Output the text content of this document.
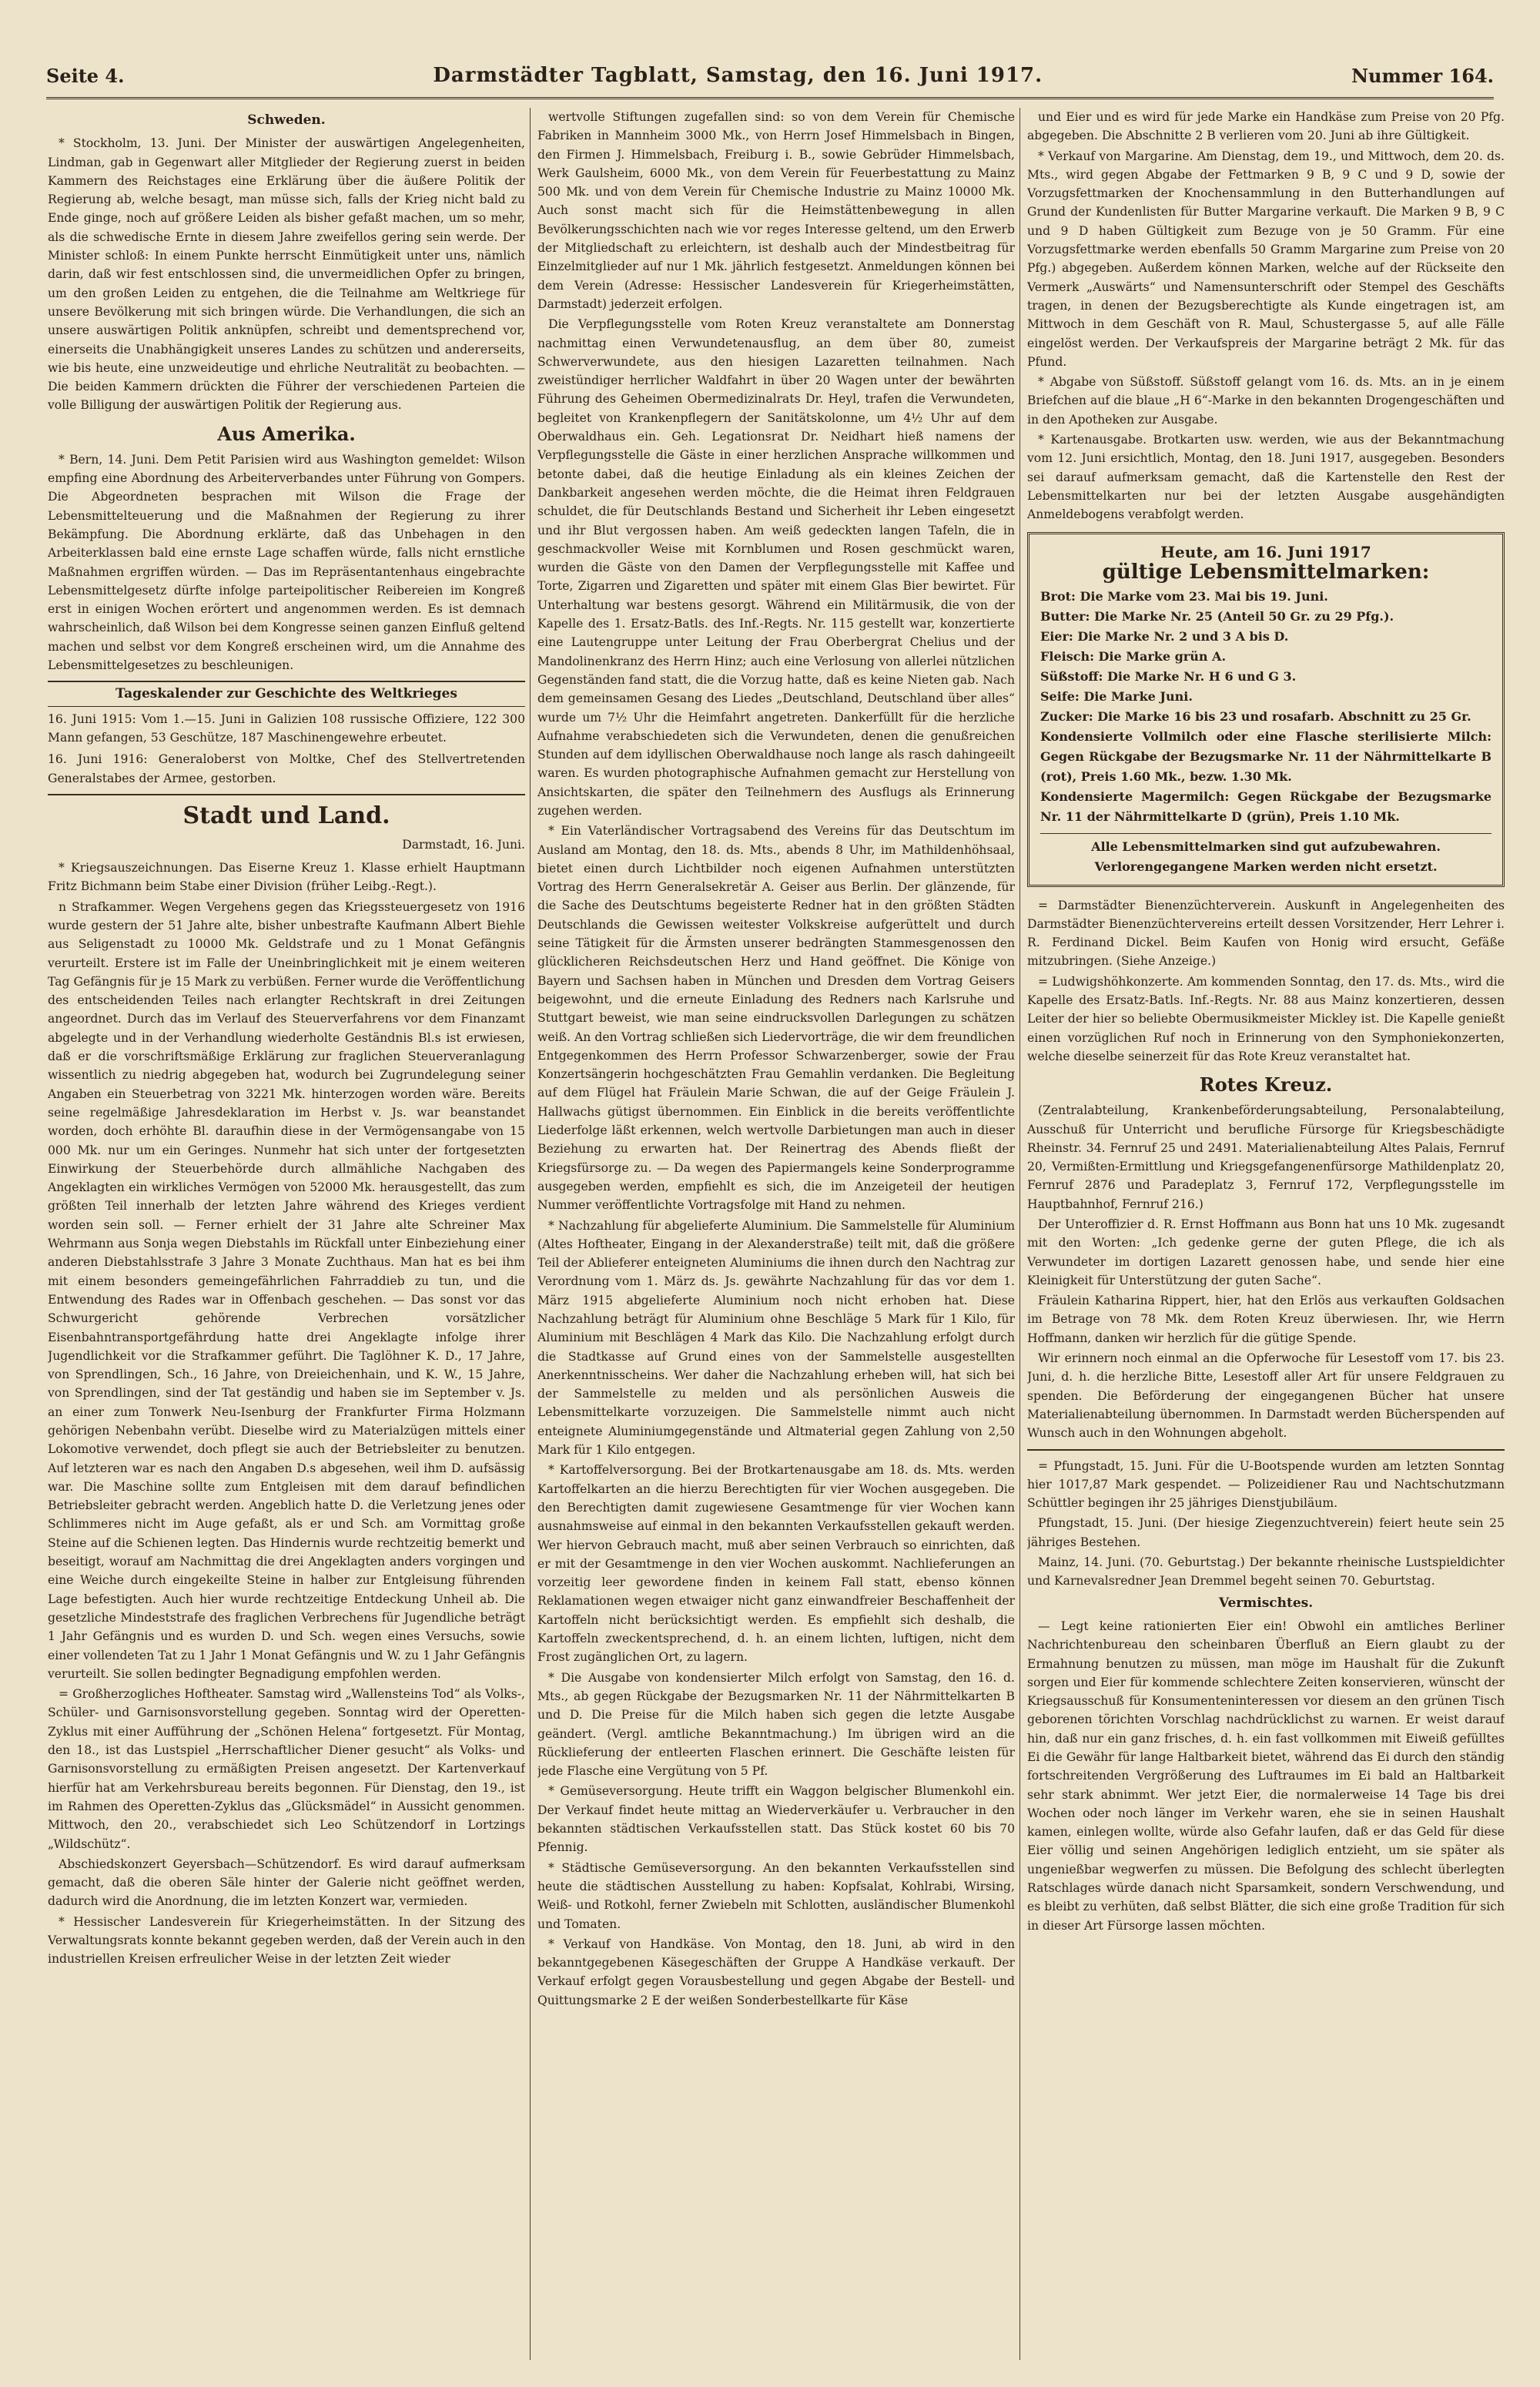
Seite 4.	Darmstädter Tagblatt, Samstag, den 16. Juni 1917.	Nummer 164.
Schweden.

* Stockholm, 13. Juni. Der Minister der auswärtigen Angelegenheiten, Lindman, gab in Gegenwart aller Mitglieder der Regierung zuerst in beiden Kammern des Reichstages eine Erklärung über die äußere Politik der Regierung ab, welche besagt, man müsse sich, falls der Krieg nicht bald zu Ende ginge, noch auf größere Leiden als bisher gefaßt machen, um so mehr, als die schwedische Ernte in diesem Jahre zweifellos gering sein werde. Der Minister schloß: In einem Punkte herrscht Einmütigkeit unter uns, nämlich darin, daß wir fest entschlossen sind, die unvermeidlichen Opfer zu bringen, um den großen Leiden zu entgehen, die die Teilnahme am Weltkriege für unsere Bevölkerung mit sich bringen würde. Die Verhandlungen, die sich an unsere auswärtigen Politik anknüpfen, schreibt und dementsprechend vor, einerseits die Unabhängigkeit unseres Landes zu schützen und andererseits, wie bis heute, eine unzweideutige und ehrliche Neutralität zu beobachten. — Die beiden Kammern drückten die Führer der verschiedenen Parteien die volle Billigung der auswärtigen Politik der Regierung aus.

Aus Amerika.

* Bern, 14. Juni. Dem Petit Parisien wird aus Washington gemeldet: Wilson empfing eine Abordnung des Arbeiterverbandes unter Führung von Gompers. Die Abgeordneten besprachen mit Wilson die Frage der Lebensmittelteuerung und die Maßnahmen der Regierung zu ihrer Bekämpfung. Die Abordnung erklärte, daß das Unbehagen in den Arbeiterklassen bald eine ernste Lage schaffen würde, falls nicht ernstliche Maßnahmen ergriffen würden. — Das im Repräsentantenhaus eingebrachte Lebensmittelgesetz dürfte infolge parteipolitischer Reibereien im Kongreß erst in einigen Wochen erörtert und angenommen werden. Es ist demnach wahrscheinlich, daß Wilson bei dem Kongresse seinen ganzen Einfluß geltend machen und selbst vor dem Kongreß erscheinen wird, um die Annahme des Lebensmittelgesetzes zu beschleunigen.

Tageskalender zur Geschichte des Weltkrieges

16. Juni 1915: Vom 1.—15. Juni in Galizien 108 russische Offiziere, 122 300 Mann gefangen, 53 Geschütze, 187 Maschinengewehre erbeutet.

16. Juni 1916: Generaloberst von Moltke, Chef des Stellvertretenden Generalstabes der Armee, gestorben.

Stadt und Land.
Darmstadt, 16. Juni.

* Kriegsauszeichnungen. Das Eiserne Kreuz 1. Klasse erhielt Hauptmann Fritz Bichmann beim Stabe einer Division (früher Leibg.-Regt.).

n Strafkammer. Wegen Vergehens gegen das Kriegssteuergesetz von 1916 wurde gestern der 51 Jahre alte, bisher unbestrafte Kaufmann Albert Biehle aus Seligenstadt zu 10000 Mk. Geldstrafe und zu 1 Monat Gefängnis verurteilt. Erstere ist im Falle der Uneinbringlichkeit mit je einem weiteren Tag Gefängnis für je 15 Mark zu verbüßen. Ferner wurde die Veröffentlichung des entscheidenden Teiles nach erlangter Rechtskraft in drei Zeitungen angeordnet. Durch das im Verlauf des Steuerverfahrens vor dem Finanzamt abgelegte und in der Verhandlung wiederholte Geständnis Bl.s ist erwiesen, daß er die vorschriftsmäßige Erklärung zur fraglichen Steuerveranlagung wissentlich zu niedrig abgegeben hat, wodurch bei Zugrundelegung seiner Angaben ein Steuerbetrag von 3221 Mk. hinterzogen worden wäre. Bereits seine regelmäßige Jahresdeklaration im Herbst v. Js. war beanstandet worden, doch erhöhte Bl. daraufhin diese in der Vermögensangabe von 15 000 Mk. nur um ein Geringes. Nunmehr hat sich unter der fortgesetzten Einwirkung der Steuerbehörde durch allmähliche Nachgaben des Angeklagten ein wirkliches Vermögen von 52000 Mk. herausgestellt, das zum größten Teil innerhalb der letzten Jahre während des Krieges verdient worden sein soll. — Ferner erhielt der 31 Jahre alte Schreiner Max Wehrmann aus Sonja wegen Diebstahls im Rückfall unter Einbeziehung einer anderen Diebstahlsstrafe 3 Jahre 3 Monate Zuchthaus. Man hat es bei ihm mit einem besonders gemeingefährlichen Fahrraddieb zu tun, und die Entwendung des Rades war in Offenbach geschehen. — Das sonst vor das Schwurgericht gehörende Verbrechen vorsätzlicher Eisenbahntransportgefährdung hatte drei Angeklagte infolge ihrer Jugendlichkeit vor die Strafkammer geführt. Die Taglöhner K. D., 17 Jahre, von Sprendlingen, Sch., 16 Jahre, von Dreieichenhain, und K. W., 15 Jahre, von Sprendlingen, sind der Tat geständig und haben sie im September v. Js. an einer zum Tonwerk Neu-Isenburg der Frankfurter Firma Holzmann gehörigen Nebenbahn verübt. Dieselbe wird zu Materialzügen mittels einer Lokomotive verwendet, doch pflegt sie auch der Betriebsleiter zu benutzen. Auf letzteren war es nach den Angaben D.s abgesehen, weil ihm D. aufsässig war. Die Maschine sollte zum Entgleisen mit dem darauf befindlichen Betriebsleiter gebracht werden. Angeblich hatte D. die Verletzung jenes oder Schlimmeres nicht im Auge gefaßt, als er und Sch. am Vormittag große Steine auf die Schienen legten. Das Hindernis wurde rechtzeitig bemerkt und beseitigt, worauf am Nachmittag die drei Angeklagten anders vorgingen und eine Weiche durch eingekeilte Steine in halber zur Entgleisung führenden Lage befestigten. Auch hier wurde rechtzeitige Entdeckung Unheil ab. Die gesetzliche Mindeststrafe des fraglichen Verbrechens für Jugendliche beträgt 1 Jahr Gefängnis und es wurden D. und Sch. wegen eines Versuchs, sowie einer vollendeten Tat zu 1 Jahr 1 Monat Gefängnis und W. zu 1 Jahr Gefängnis verurteilt. Sie sollen bedingter Begnadigung empfohlen werden.

= Großherzogliches Hoftheater. Samstag wird „Wallensteins Tod“ als Volks-, Schüler- und Garnisonsvorstellung gegeben. Sonntag wird der Operetten-Zyklus mit einer Aufführung der „Schönen Helena“ fortgesetzt. Für Montag, den 18., ist das Lustspiel „Herrschaftlicher Diener gesucht“ als Volks- und Garnisonsvorstellung zu ermäßigten Preisen angesetzt. Der Kartenverkauf hierfür hat am Verkehrsbureau bereits begonnen. Für Dienstag, den 19., ist im Rahmen des Operetten-Zyklus das „Glücksmädel“ in Aussicht genommen. Mittwoch, den 20., verabschiedet sich Leo Schützendorf in Lortzings „Wildschütz“.

Abschiedskonzert Geyersbach—Schützendorf. Es wird darauf aufmerksam gemacht, daß die oberen Säle hinter der Galerie nicht geöffnet werden, dadurch wird die Anordnung, die im letzten Konzert war, vermieden.

* Hessischer Landesverein für Kriegerheimstätten. In der Sitzung des Verwaltungsrats konnte bekannt gegeben werden, daß der Verein auch in den industriellen Kreisen erfreulicher Weise in der letzten Zeit wieder

wertvolle Stiftungen zugefallen sind: so von dem Verein für Chemische Fabriken in Mannheim 3000 Mk., von Herrn Josef Himmelsbach in Bingen, den Firmen J. Himmelsbach, Freiburg i. B., sowie Gebrüder Himmelsbach, Werk Gaulsheim, 6000 Mk., von dem Verein für Feuerbestattung zu Mainz 500 Mk. und von dem Verein für Chemische Industrie zu Mainz 10000 Mk. Auch sonst macht sich für die Heimstättenbewegung in allen Bevölkerungsschichten nach wie vor reges Interesse geltend, um den Erwerb der Mitgliedschaft zu erleichtern, ist deshalb auch der Mindestbeitrag für Einzelmitglieder auf nur 1 Mk. jährlich festgesetzt. Anmeldungen können bei dem Verein (Adresse: Hessischer Landesverein für Kriegerheimstätten, Darmstadt) jederzeit erfolgen.

Die Verpflegungsstelle vom Roten Kreuz veranstaltete am Donnerstag nachmittag einen Verwundetenausflug, an dem über 80, zumeist Schwerverwundete, aus den hiesigen Lazaretten teilnahmen. Nach zweistündiger herrlicher Waldfahrt in über 20 Wagen unter der bewährten Führung des Geheimen Obermedizinalrats Dr. Heyl, trafen die Verwundeten, begleitet von Krankenpflegern der Sanitätskolonne, um 4½ Uhr auf dem Oberwaldhaus ein. Geh. Legationsrat Dr. Neidhart hieß namens der Verpflegungsstelle die Gäste in einer herzlichen Ansprache willkommen und betonte dabei, daß die heutige Einladung als ein kleines Zeichen der Dankbarkeit angesehen werden möchte, die die Heimat ihren Feldgrauen schuldet, die für Deutschlands Bestand und Sicherheit ihr Leben eingesetzt und ihr Blut vergossen haben. Am weiß gedeckten langen Tafeln, die in geschmackvoller Weise mit Kornblumen und Rosen geschmückt waren, wurden die Gäste von den Damen der Verpflegungsstelle mit Kaffee und Torte, Zigarren und Zigaretten und später mit einem Glas Bier bewirtet. Für Unterhaltung war bestens gesorgt. Während ein Militärmusik, die von der Kapelle des 1. Ersatz-Batls. des Inf.-Regts. Nr. 115 gestellt war, konzertierte eine Lautengruppe unter Leitung der Frau Oberbergrat Chelius und der Mandolinenkranz des Herrn Hinz; auch eine Verlosung von allerlei nützlichen Gegenständen fand statt, die die Vorzug hatte, daß es keine Nieten gab. Nach dem gemeinsamen Gesang des Liedes „Deutschland, Deutschland über alles“ wurde um 7½ Uhr die Heimfahrt angetreten. Dankerfüllt für die herzliche Aufnahme verabschiedeten sich die Verwundeten, denen die genußreichen Stunden auf dem idyllischen Oberwaldhause noch lange als rasch dahingeeilt waren. Es wurden photographische Aufnahmen gemacht zur Herstellung von Ansichtskarten, die später den Teilnehmern des Ausflugs als Erinnerung zugehen werden.

* Ein Vaterländischer Vortragsabend des Vereins für das Deutschtum im Ausland am Montag, den 18. ds. Mts., abends 8 Uhr, im Mathildenhöhsaal, bietet einen durch Lichtbilder noch eigenen Aufnahmen unterstützten Vortrag des Herrn Generalsekretär A. Geiser aus Berlin. Der glänzende, für die Sache des Deutschtums begeisterte Redner hat in den größten Städten Deutschlands die Gewissen weitester Volkskreise aufgerüttelt und durch seine Tätigkeit für die Ärmsten unserer bedrängten Stammesgenossen den glücklicheren Reichsdeutschen Herz und Hand geöffnet. Die Könige von Bayern und Sachsen haben in München und Dresden dem Vortrag Geisers beigewohnt, und die erneute Einladung des Redners nach Karlsruhe und Stuttgart beweist, wie man seine eindrucksvollen Darlegungen zu schätzen weiß. An den Vortrag schließen sich Liedervorträge, die wir dem freundlichen Entgegenkommen des Herrn Professor Schwarzenberger, sowie der Frau Konzertsängerin hochgeschätzten Frau Gemahlin verdanken. Die Begleitung auf dem Flügel hat Fräulein Marie Schwan, die auf der Geige Fräulein J. Hallwachs gütigst übernommen. Ein Einblick in die bereits veröffentlichte Liederfolge läßt erkennen, welch wertvolle Darbietungen man auch in dieser Beziehung zu erwarten hat. Der Reinertrag des Abends fließt der Kriegsfürsorge zu. — Da wegen des Papiermangels keine Sonderprogramme ausgegeben werden, empfiehlt es sich, die im Anzeigeteil der heutigen Nummer veröffentlichte Vortragsfolge mit Hand zu nehmen.

* Nachzahlung für abgelieferte Aluminium. Die Sammelstelle für Aluminium (Altes Hoftheater, Eingang in der Alexanderstraße) teilt mit, daß die größere Teil der Ablieferer enteigneten Aluminiums die ihnen durch den Nachtrag zur Verordnung vom 1. März ds. Js. gewährte Nachzahlung für das vor dem 1. März 1915 abgelieferte Aluminium noch nicht erhoben hat. Diese Nachzahlung beträgt für Aluminium ohne Beschläge 5 Mark für 1 Kilo, für Aluminium mit Beschlägen 4 Mark das Kilo. Die Nachzahlung erfolgt durch die Stadtkasse auf Grund eines von der Sammelstelle ausgestellten Anerkenntnisscheins. Wer daher die Nachzahlung erheben will, hat sich bei der Sammelstelle zu melden und als persönlichen Ausweis die Lebensmittelkarte vorzuzeigen. Die Sammelstelle nimmt auch nicht enteignete Aluminiumgegenstände und Altmaterial gegen Zahlung von 2,50 Mark für 1 Kilo entgegen.

* Kartoffelversorgung. Bei der Brotkartenausgabe am 18. ds. Mts. werden Kartoffelkarten an die hierzu Berechtigten für vier Wochen ausgegeben. Die den Berechtigten damit zugewiesene Gesamtmenge für vier Wochen kann ausnahmsweise auf einmal in den bekannten Verkaufsstellen gekauft werden. Wer hiervon Gebrauch macht, muß aber seinen Verbrauch so einrichten, daß er mit der Gesamtmenge in den vier Wochen auskommt. Nachlieferungen an vorzeitig leer gewordene finden in keinem Fall statt, ebenso können Reklamationen wegen etwaiger nicht ganz einwandfreier Beschaffenheit der Kartoffeln nicht berücksichtigt werden. Es empfiehlt sich deshalb, die Kartoffeln zweckentsprechend, d. h. an einem lichten, luftigen, nicht dem Frost zugänglichen Ort, zu lagern.

* Die Ausgabe von kondensierter Milch erfolgt von Samstag, den 16. d. Mts., ab gegen Rückgabe der Bezugsmarken Nr. 11 der Nährmittelkarten B und D. Die Preise für die Milch haben sich gegen die letzte Ausgabe geändert. (Vergl. amtliche Bekanntmachung.) Im übrigen wird an die Rücklieferung der entleerten Flaschen erinnert. Die Geschäfte leisten für jede Flasche eine Vergütung von 5 Pf.

* Gemüseversorgung. Heute trifft ein Waggon belgischer Blumenkohl ein. Der Verkauf findet heute mittag an Wiederverkäufer u. Verbraucher in den bekannten städtischen Verkaufsstellen statt. Das Stück kostet 60 bis 70 Pfennig.

* Städtische Gemüseversorgung. An den bekannten Verkaufsstellen sind heute die städtischen Ausstellung zu haben: Kopfsalat, Kohlrabi, Wirsing, Weiß- und Rotkohl, ferner Zwiebeln mit Schlotten, ausländischer Blumenkohl und Tomaten.

* Verkauf von Handkäse. Von Montag, den 18. Juni, ab wird in den bekanntgegebenen Käsegeschäften der Gruppe A Handkäse verkauft. Der Verkauf erfolgt gegen Vorausbestellung und gegen Abgabe der Bestell- und Quittungsmarke 2 E der weißen Sonderbestellkarte für Käse

und Eier und es wird für jede Marke ein Handkäse zum Preise von 20 Pfg. abgegeben. Die Abschnitte 2 B verlieren vom 20. Juni ab ihre Gültigkeit.

* Verkauf von Margarine. Am Dienstag, dem 19., und Mittwoch, dem 20. ds. Mts., wird gegen Abgabe der Fettmarken 9 B, 9 C und 9 D, sowie der Vorzugsfettmarken der Knochensammlung in den Butterhandlungen auf Grund der Kundenlisten für Butter Margarine verkauft. Die Marken 9 B, 9 C und 9 D haben Gültigkeit zum Bezuge von je 50 Gramm. Für eine Vorzugsfettmarke werden ebenfalls 50 Gramm Margarine zum Preise von 20 Pfg.) abgegeben. Außerdem können Marken, welche auf der Rückseite den Vermerk „Auswärts“ und Namensunterschrift oder Stempel des Geschäfts tragen, in denen der Bezugsberechtigte als Kunde eingetragen ist, am Mittwoch in dem Geschäft von R. Maul, Schustergasse 5, auf alle Fälle eingelöst werden. Der Verkaufspreis der Margarine beträgt 2 Mk. für das Pfund.

* Abgabe von Süßstoff. Süßstoff gelangt vom 16. ds. Mts. an in je einem Briefchen auf die blaue „H 6“-Marke in den bekannten Drogengeschäften und in den Apotheken zur Ausgabe.

* Kartenausgabe. Brotkarten usw. werden, wie aus der Bekanntmachung vom 12. Juni ersichtlich, Montag, den 18. Juni 1917, ausgegeben. Besonders sei darauf aufmerksam gemacht, daß die Kartenstelle den Rest der Lebensmittelkarten nur bei der letzten Ausgabe ausgehändigten Anmeldebogens verabfolgt werden.

Heute, am 16. Juni 1917
gültige Lebensmittelmarken:

Brot: Die Marke vom 23. Mai bis 19. Juni.

Butter: Die Marke Nr. 25 (Anteil 50 Gr. zu 29 Pfg.).

Eier: Die Marke Nr. 2 und 3 A bis D.

Fleisch: Die Marke grün A.

Süßstoff: Die Marke Nr. H 6 und G 3.

Seife: Die Marke Juni.

Zucker: Die Marke 16 bis 23 und rosafarb. Abschnitt zu 25 Gr.

Kondensierte Vollmilch oder eine Flasche sterilisierte Milch: Gegen Rückgabe der Bezugsmarke Nr. 11 der Nährmittelkarte B (rot), Preis 1.60 Mk., bezw. 1.30 Mk.

Kondensierte Magermilch: Gegen Rückgabe der Bezugsmarke Nr. 11 der Nährmittelkarte D (grün), Preis 1.10 Mk.

Alle Lebensmittelmarken sind gut aufzubewahren. Verlorengegangene Marken werden nicht ersetzt.

= Darmstädter Bienenzüchterverein. Auskunft in Angelegenheiten des Darmstädter Bienenzüchtervereins erteilt dessen Vorsitzender, Herr Lehrer i. R. Ferdinand Dickel. Beim Kaufen von Honig wird ersucht, Gefäße mitzubringen. (Siehe Anzeige.)

= Ludwigshöhkonzerte. Am kommenden Sonntag, den 17. ds. Mts., wird die Kapelle des Ersatz-Batls. Inf.-Regts. Nr. 88 aus Mainz konzertieren, dessen Leiter der hier so beliebte Obermusikmeister Mickley ist. Die Kapelle genießt einen vorzüglichen Ruf noch in Erinnerung von den Symphoniekonzerten, welche dieselbe seinerzeit für das Rote Kreuz veranstaltet hat.

Rotes Kreuz.

(Zentralabteilung, Krankenbeförderungsabteilung, Personalabteilung, Ausschuß für Unterricht und berufliche Fürsorge für Kriegsbeschädigte Rheinstr. 34. Fernruf 25 und 2491. Materialienabteilung Altes Palais, Fernruf 20, Vermißten-Ermittlung und Kriegsgefangenenfürsorge Mathildenplatz 20, Fernruf 2876 und Paradeplatz 3, Fernruf 172, Verpflegungsstelle im Hauptbahnhof, Fernruf 216.)

Der Unteroffizier d. R. Ernst Hoffmann aus Bonn hat uns 10 Mk. zugesandt mit den Worten: „Ich gedenke gerne der guten Pflege, die ich als Verwundeter im dortigen Lazarett genossen habe, und sende hier eine Kleinigkeit für Unterstützung der guten Sache“.

Fräulein Katharina Rippert, hier, hat den Erlös aus verkauften Goldsachen im Betrage von 78 Mk. dem Roten Kreuz überwiesen. Ihr, wie Herrn Hoffmann, danken wir herzlich für die gütige Spende.

Wir erinnern noch einmal an die Opferwoche für Lesestoff vom 17. bis 23. Juni, d. h. die herzliche Bitte, Lesestoff aller Art für unsere Feldgrauen zu spenden. Die Beförderung der eingegangenen Bücher hat unsere Materialienabteilung übernommen. In Darmstadt werden Bücherspenden auf Wunsch auch in den Wohnungen abgeholt.

= Pfungstadt, 15. Juni. Für die U-Bootspende wurden am letzten Sonntag hier 1017,87 Mark gespendet. — Polizeidiener Rau und Nachtschutzmann Schüttler begingen ihr 25 jähriges Dienstjubiläum.

Pfungstadt, 15. Juni. (Der hiesige Ziegenzuchtverein) feiert heute sein 25 jähriges Bestehen.

Mainz, 14. Juni. (70. Geburtstag.) Der bekannte rheinische Lustspieldichter und Karnevalsredner Jean Dremmel begeht seinen 70. Geburtstag.

Vermischtes.

— Legt keine rationierten Eier ein! Obwohl ein amtliches Berliner Nachrichtenbureau den scheinbaren Überfluß an Eiern glaubt zu der Ermahnung benutzen zu müssen, man möge im Haushalt für die Zukunft sorgen und Eier für kommende schlechtere Zeiten konservieren, wünscht der Kriegsausschuß für Konsumenteninteressen vor diesem an den grünen Tisch geborenen törichten Vorschlag nachdrücklichst zu warnen. Er weist darauf hin, daß nur ein ganz frisches, d. h. ein fast vollkommen mit Eiweiß gefülltes Ei die Gewähr für lange Haltbarkeit bietet, während das Ei durch den ständig fortschreitenden Vergrößerung des Luftraumes im Ei bald an Haltbarkeit sehr stark abnimmt. Wer jetzt Eier, die normalerweise 14 Tage bis drei Wochen oder noch länger im Verkehr waren, ehe sie in seinen Haushalt kamen, einlegen wollte, würde also Gefahr laufen, daß er das Geld für diese Eier völlig und seinen Angehörigen lediglich entzieht, um sie später als ungenießbar wegwerfen zu müssen. Die Befolgung des schlecht überlegten Ratschlages würde danach nicht Sparsamkeit, sondern Verschwendung, und es bleibt zu verhüten, daß selbst Blätter, die sich eine große Tradition für sich in dieser Art Fürsorge lassen möchten.
